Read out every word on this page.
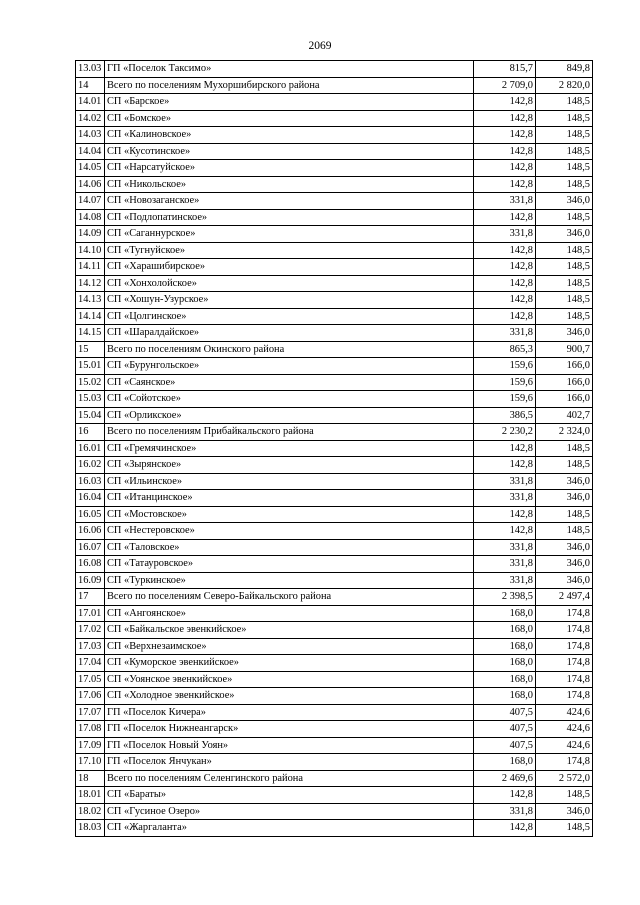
2069
13.03	ГП «Поселок Таксимо»	815,7	849,8
14	Всего по поселениям Мухоршибирского района	2 709,0	2 820,0
14.01	СП «Барское»	142,8	148,5
14.02	СП «Бомское»	142,8	148,5
14.03	СП «Калиновское»	142,8	148,5
14.04	СП «Кусотинское»	142,8	148,5
14.05	СП «Нарсатуйское»	142,8	148,5
14.06	СП «Никольское»	142,8	148,5
14.07	СП «Новозаганское»	331,8	346,0
14.08	СП «Подлопатинское»	142,8	148,5
14.09	СП «Саганнурское»	331,8	346,0
14.10	СП «Тугнуйское»	142,8	148,5
14.11	СП «Харашибирское»	142,8	148,5
14.12	СП «Хонхолойское»	142,8	148,5
14.13	СП «Хошун-Узурское»	142,8	148,5
14.14	СП «Цолгинское»	142,8	148,5
14.15	СП «Шаралдайское»	331,8	346,0
15	Всего по поселениям Окинского района	865,3	900,7
15.01	СП «Бурунгольское»	159,6	166,0
15.02	СП «Саянское»	159,6	166,0
15.03	СП «Сойотское»	159,6	166,0
15.04	СП «Орликское»	386,5	402,7
16	Всего по поселениям Прибайкальского района	2 230,2	2 324,0
16.01	СП «Гремячинское»	142,8	148,5
16.02	СП «Зырянское»	142,8	148,5
16.03	СП «Ильинское»	331,8	346,0
16.04	СП «Итанцинское»	331,8	346,0
16.05	СП «Мостовское»	142,8	148,5
16.06	СП «Нестеровское»	142,8	148,5
16.07	СП «Таловское»	331,8	346,0
16.08	СП «Татауровское»	331,8	346,0
16.09	СП «Туркинское»	331,8	346,0
17	Всего по поселениям Северо-Байкальского района	2 398,5	2 497,4
17.01	СП «Ангоянское»	168,0	174,8
17.02	СП «Байкальское эвенкийское»	168,0	174,8
17.03	СП «Верхнезаимское»	168,0	174,8
17.04	СП «Куморское эвенкийское»	168,0	174,8
17.05	СП «Уоянское эвенкийское»	168,0	174,8
17.06	СП «Холодное эвенкийское»	168,0	174,8
17.07	ГП «Поселок Кичера»	407,5	424,6
17.08	ГП «Поселок Нижнеангарск»	407,5	424,6
17.09	ГП «Поселок Новый Уоян»	407,5	424,6
17.10	ГП «Поселок Янчукан»	168,0	174,8
18	Всего по поселениям Селенгинского района	2 469,6	2 572,0
18.01	СП «Бараты»	142,8	148,5
18.02	СП «Гусиное Озеро»	331,8	346,0
18.03	СП «Жаргаланта»	142,8	148,5
